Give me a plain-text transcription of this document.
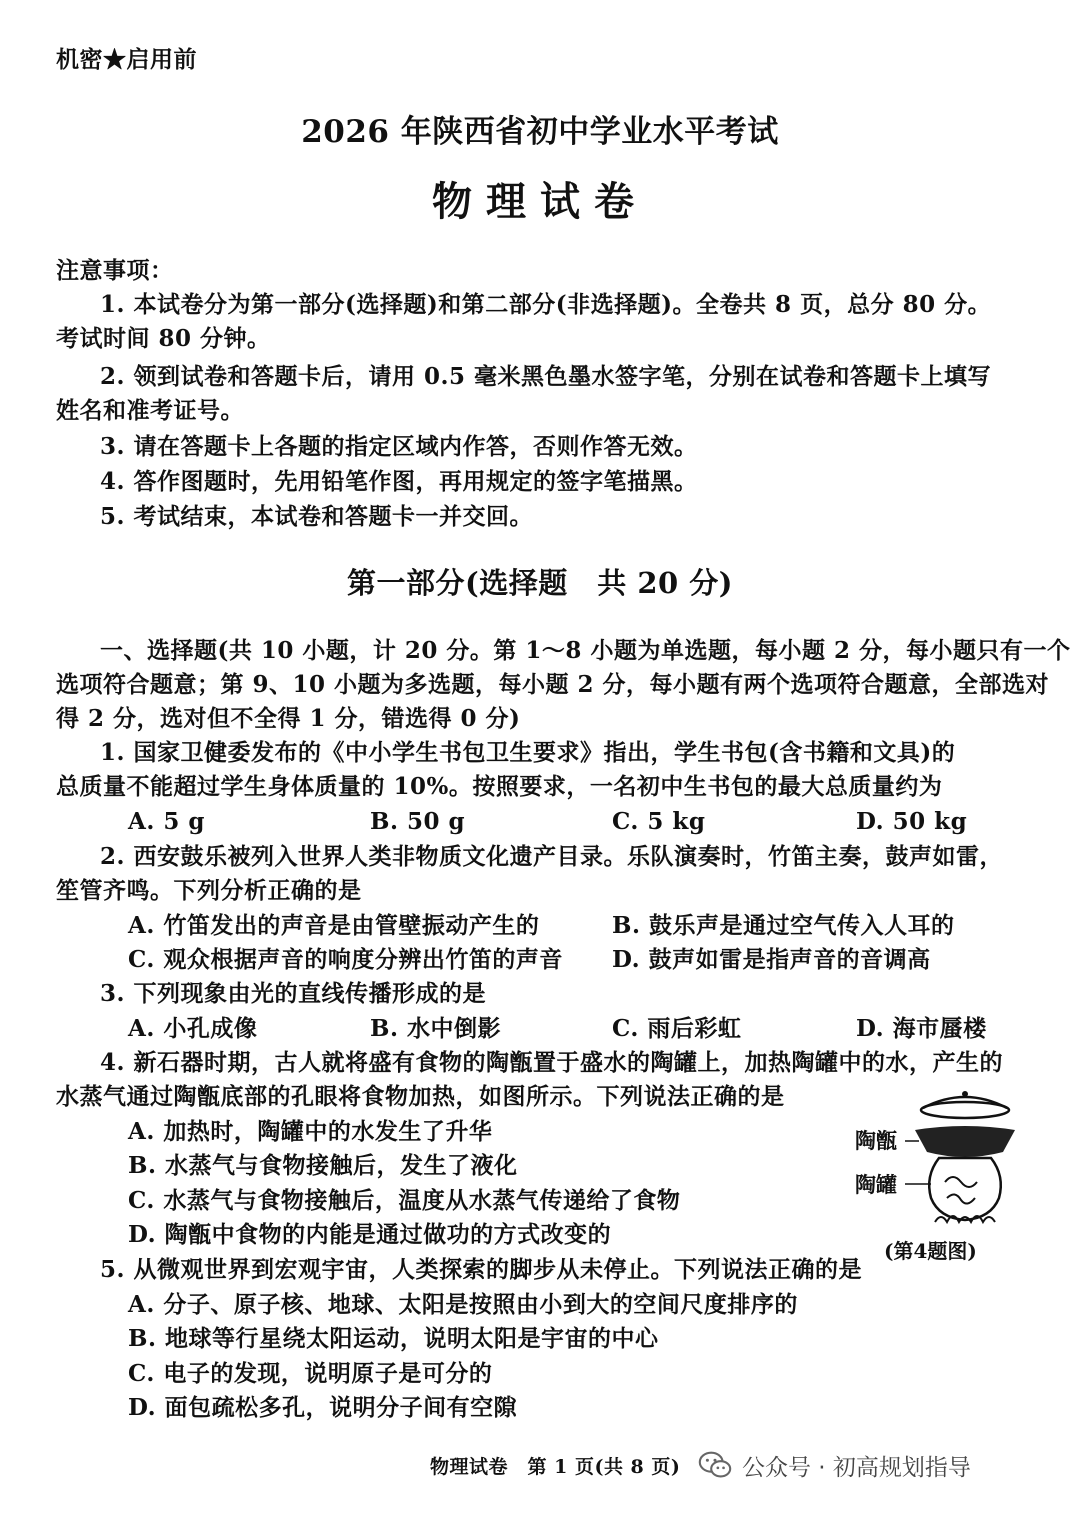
机密★启用前
2026 年陕西省初中学业水平考试
物理试卷
注意事项：
1. 本试卷分为第一部分(选择题)和第二部分(非选择题)。全卷共 8 页，总分 80 分。
考试时间 80 分钟。
2. 领到试卷和答题卡后，请用 0.5 毫米黑色墨水签字笔，分别在试卷和答题卡上填写
姓名和准考证号。
3. 请在答题卡上各题的指定区域内作答，否则作答无效。
4. 答作图题时，先用铅笔作图，再用规定的签字笔描黑。
5. 考试结束，本试卷和答题卡一并交回。
第一部分(选择题　共 20 分)
一、选择题(共 10 小题，计 20 分。第 1～8 小题为单选题，每小题 2 分，每小题只有一个
选项符合题意；第 9、10 小题为多选题，每小题 2 分，每小题有两个选项符合题意，全部选对
得 2 分，选对但不全得 1 分，错选得 0 分)
1. 国家卫健委发布的《中小学生书包卫生要求》指出，学生书包(含书籍和文具)的
总质量不能超过学生身体质量的 10%。按照要求，一名初中生书包的最大总质量约为
A. 5 g	B. 50 g	C. 5 kg	D. 50 kg
2. 西安鼓乐被列入世界人类非物质文化遗产目录。乐队演奏时，竹笛主奏，鼓声如雷，
笙管齐鸣。下列分析正确的是
A. 竹笛发出的声音是由管壁振动产生的	B. 鼓乐声是通过空气传入人耳的
C. 观众根据声音的响度分辨出竹笛的声音 D. 鼓声如雷是指声音的音调高
3. 下列现象由光的直线传播形成的是
A. 小孔成像	B. 水中倒影	C. 雨后彩虹	D. 海市蜃楼
4. 新石器时期，古人就将盛有食物的陶甑置于盛水的陶罐上，加热陶罐中的水，产生的
水蒸气通过陶甑底部的孔眼将食物加热，如图所示。下列说法正确的是
A. 加热时，陶罐中的水发生了升华
B. 水蒸气与食物接触后，发生了液化
C. 水蒸气与食物接触后，温度从水蒸气传递给了食物
D. 陶甑中食物的内能是通过做功的方式改变的
陶甑
陶罐
(第4题图)
5. 从微观世界到宏观宇宙，人类探索的脚步从未停止。下列说法正确的是
A. 分子、原子核、地球、太阳是按照由小到大的空间尺度排序的
B. 地球等行星绕太阳运动，说明太阳是宇宙的中心
C. 电子的发现，说明原子是可分的
D. 面包疏松多孔，说明分子间有空隙
物理试卷　第 1 页(共 8 页)	公众号 · 初高规划指导
